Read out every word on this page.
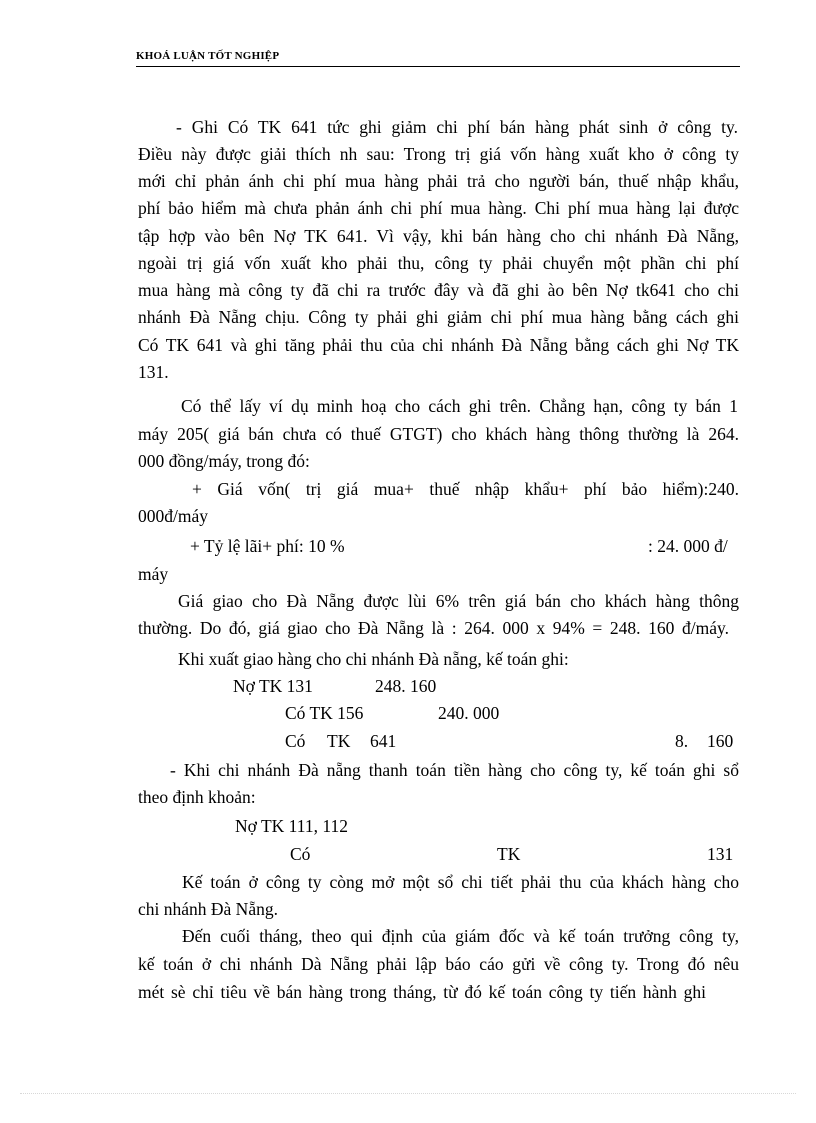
KHOÁ LUẬN TỐT NGHIỆP
- Ghi Có TK 641 tức ghi giảm chi phí bán hàng phát sinh ở công ty.
Điều này được giải thích nh sau: Trong trị giá vốn hàng xuất kho ở công ty
mới chỉ phản ánh chi phí mua hàng phải trả cho người bán, thuế nhập khẩu,
phí bảo hiểm mà chưa phản ánh chi phí mua hàng. Chi phí mua hàng lại được
tập hợp vào bên Nợ TK 641. Vì vậy, khi bán hàng cho chi nhánh Đà Nẵng,
ngoài trị giá vốn xuất kho phải thu, công ty phải chuyển một phần chi phí
mua hàng mà công ty đã chi ra trước đây và đã ghi ào bên Nợ tk641 cho chi
nhánh Đà Nẵng chịu. Công ty phải ghi giảm chi phí mua hàng bằng cách ghi
Có TK 641 và ghi tăng phải thu của chi nhánh Đà Nẵng bằng cách ghi Nợ TK
131.
Có thể lấy ví dụ minh hoạ cho cách ghi trên. Chẳng hạn, công ty bán 1
máy 205( giá bán chưa có thuế GTGT) cho khách hàng thông thường là 264.
000 đồng/máy, trong đó:
+ Giá vốn( trị giá mua+ thuế nhập khẩu+ phí bảo hiểm):240.
000đ/máy
+ Tỷ lệ lãi+ phí: 10 %	: 24. 000 đ/
máy
Giá giao cho Đà Nẵng được lùi 6% trên giá bán cho khách hàng thông
thường. Do đó, giá giao cho Đà Nẵng là : 264. 000 x 94% = 248. 160 đ/máy.
Khi xuất giao hàng cho chi nhánh Đà nẵng, kế toán ghi:
Nợ TK 131	248. 160
Có TK 156	240. 000
Có TK 641	8. 160
- Khi chi nhánh Đà nẵng thanh toán tiền hàng cho công ty, kế toán ghi sổ
theo định khoản:
Nợ TK 111, 112
Có	TK	131
Kế toán ở công ty còng mở một sổ chi tiết phải thu của khách hàng cho
chi nhánh Đà Nẵng.
Đến cuối tháng, theo qui định của giám đốc và kế toán trưởng công ty,
kế toán ở chi nhánh Dà Nẵng phải lập báo cáo gửi về công ty. Trong đó nêu
mét sè chỉ tiêu về bán hàng trong tháng, từ đó kế toán công ty tiến hành ghi
